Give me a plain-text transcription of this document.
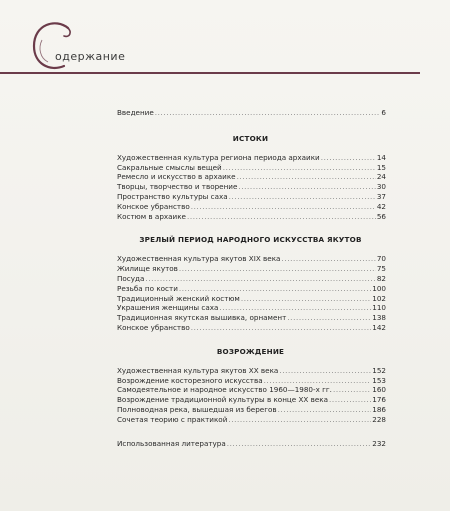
одержание
Введение .....	6
ИСТОКИ
Художественная культура региона периода архаики .....	14
Сакральные смыслы вещей .....	15
Ремесло и искусство в архаике .....	24
Творцы, творчество и творение .....	30
Пространство культуры саха .....	37
Конское убранство .....	42
Костюм в архаике .....	56
ЗРЕЛЫЙ ПЕРИОД НАРОДНОГО ИСКУССТВА ЯКУТОВ
Художественная культура якутов XIX века .....	70
Жилище якутов .....	75
Посуда .....	82
Резьба по кости .....	100
Традиционный женский костюм .....	102
Украшения женщины саха .....	110
Традиционная якутская вышивка, орнамент .....	138
Конское убранство .....	142
ВОЗРОЖДЕНИЕ
Художественная культура якутов XX века .....	152
Возрождение косторезного искусства .....	153
Самодеятельное и народное искусство 1960—1980-х гг. .....	160
Возрождение традиционной культуры в конце XX века .....	176
Полноводная река, вышедшая из берегов .....	186
Сочетая теорию с практикой .....	228
Использованная литература .....	232
